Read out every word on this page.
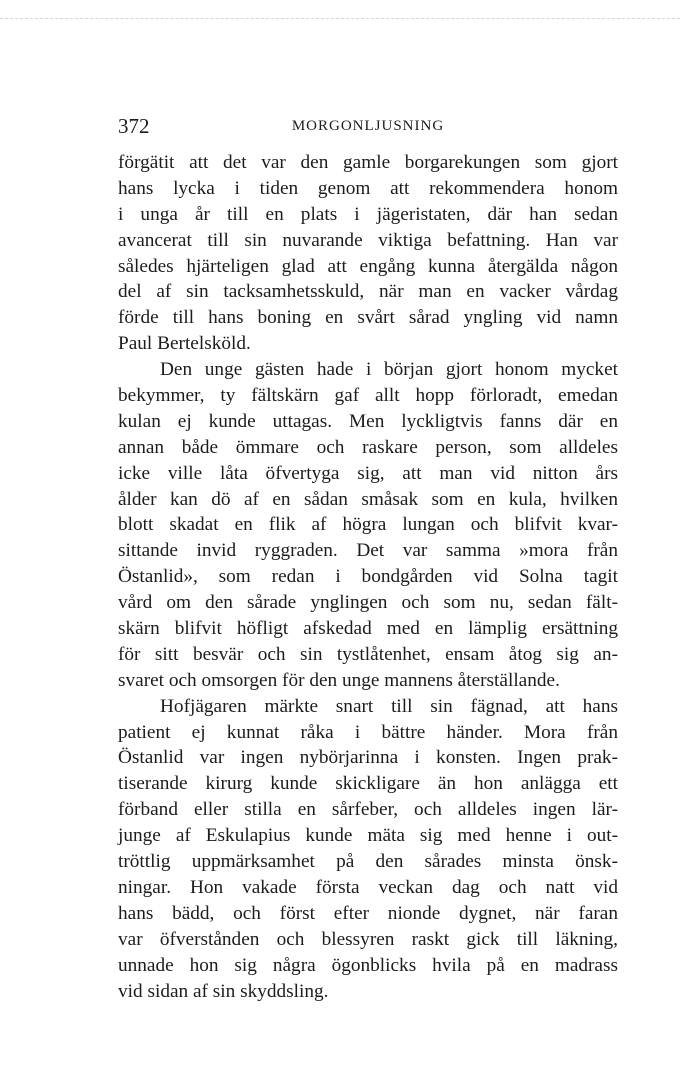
372	MORGONLJUSNING
förgätit att det var den gamle borgarekungen som gjort
hans lycka i tiden genom att rekommendera honom
i unga år till en plats i jägeristaten, där han sedan
avancerat till sin nuvarande viktiga befattning. Han var
således hjärteligen glad att engång kunna återgälda någon
del af sin tacksamhetsskuld, när man en vacker vårdag
förde till hans boning en svårt sårad yngling vid namn
Paul Bertelsköld.
Den unge gästen hade i början gjort honom mycket
bekymmer, ty fältskärn gaf allt hopp förloradt, emedan
kulan ej kunde uttagas. Men lyckligtvis fanns där en
annan både ömmare och raskare person, som alldeles
icke ville låta öfvertyga sig, att man vid nitton års
ålder kan dö af en sådan småsak som en kula, hvilken
blott skadat en flik af högra lungan och blifvit kvar-
sittande invid ryggraden. Det var samma »mora från
Östanlid», som redan i bondgården vid Solna tagit
vård om den sårade ynglingen och som nu, sedan fält-
skärn blifvit höfligt afskedad med en lämplig ersättning
för sitt besvär och sin tystlåtenhet, ensam åtog sig an-
svaret och omsorgen för den unge mannens återställande.
Hofjägaren märkte snart till sin fägnad, att hans
patient ej kunnat råka i bättre händer. Mora från
Östanlid var ingen nybörjarinna i konsten. Ingen prak-
tiserande kirurg kunde skickligare än hon anlägga ett
förband eller stilla en sårfeber, och alldeles ingen lär-
junge af Eskulapius kunde mäta sig med henne i out-
tröttlig uppmärksamhet på den sårades minsta önsk-
ningar. Hon vakade första veckan dag och natt vid
hans bädd, och först efter nionde dygnet, när faran
var öfverstånden och blessyren raskt gick till läkning,
unnade hon sig några ögonblicks hvila på en madrass
vid sidan af sin skyddsling.
